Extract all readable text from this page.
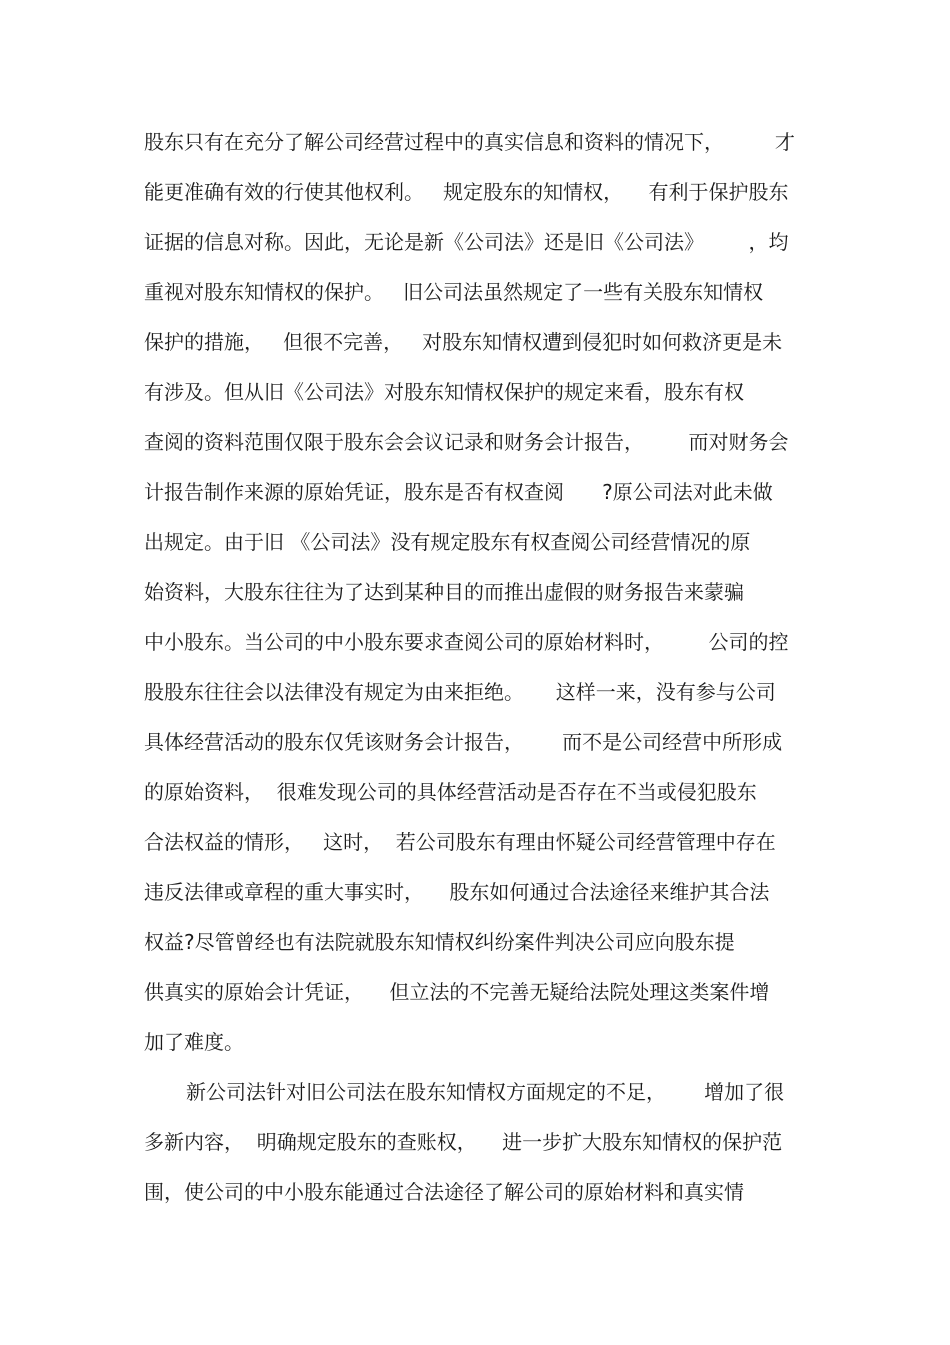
股东只有在充分了解公司经营过程中的真实信息和资料的情况下，        才
能更准确有效的行使其他权利。   规定股东的知情权，    有利于保护股东
证据的信息对称。因此，无论是新《公司法》还是旧《公司法》       ，均
重视对股东知情权的保护。   旧公司法虽然规定了一些有关股东知情权
保护的措施，   但很不完善，   对股东知情权遭到侵犯时如何救济更是未
有涉及。但从旧《公司法》对股东知情权保护的规定来看，股东有权
查阅的资料范围仅限于股东会会议记录和财务会计报告，       而对财务会
计报告制作来源的原始凭证，股东是否有权查阅      ?原公司法对此未做
出规定。由于旧 《公司法》没有规定股东有权查阅公司经营情况的原
始资料，大股东往往为了达到某种目的而推出虚假的财务报告来蒙骗
中小股东。当公司的中小股东要求查阅公司的原始材料时，       公司的控
股股东往往会以法律没有规定为由来拒绝。     这样一来，没有参与公司
具体经营活动的股东仅凭该财务会计报告，      而不是公司经营中所形成
的原始资料，  很难发现公司的具体经营活动是否存在不当或侵犯股东
合法权益的情形，   这时，  若公司股东有理由怀疑公司经营管理中存在
违反法律或章程的重大事实时，    股东如何通过合法途径来维护其合法
权益?尽管曾经也有法院就股东知情权纠纷案件判决公司应向股东提
供真实的原始会计凭证，    但立法的不完善无疑给法院处理这类案件增
加了难度。
新公司法针对旧公司法在股东知情权方面规定的不足，      增加了很
多新内容，  明确规定股东的查账权，    进一步扩大股东知情权的保护范
围，使公司的中小股东能通过合法途径了解公司的原始材料和真实情
